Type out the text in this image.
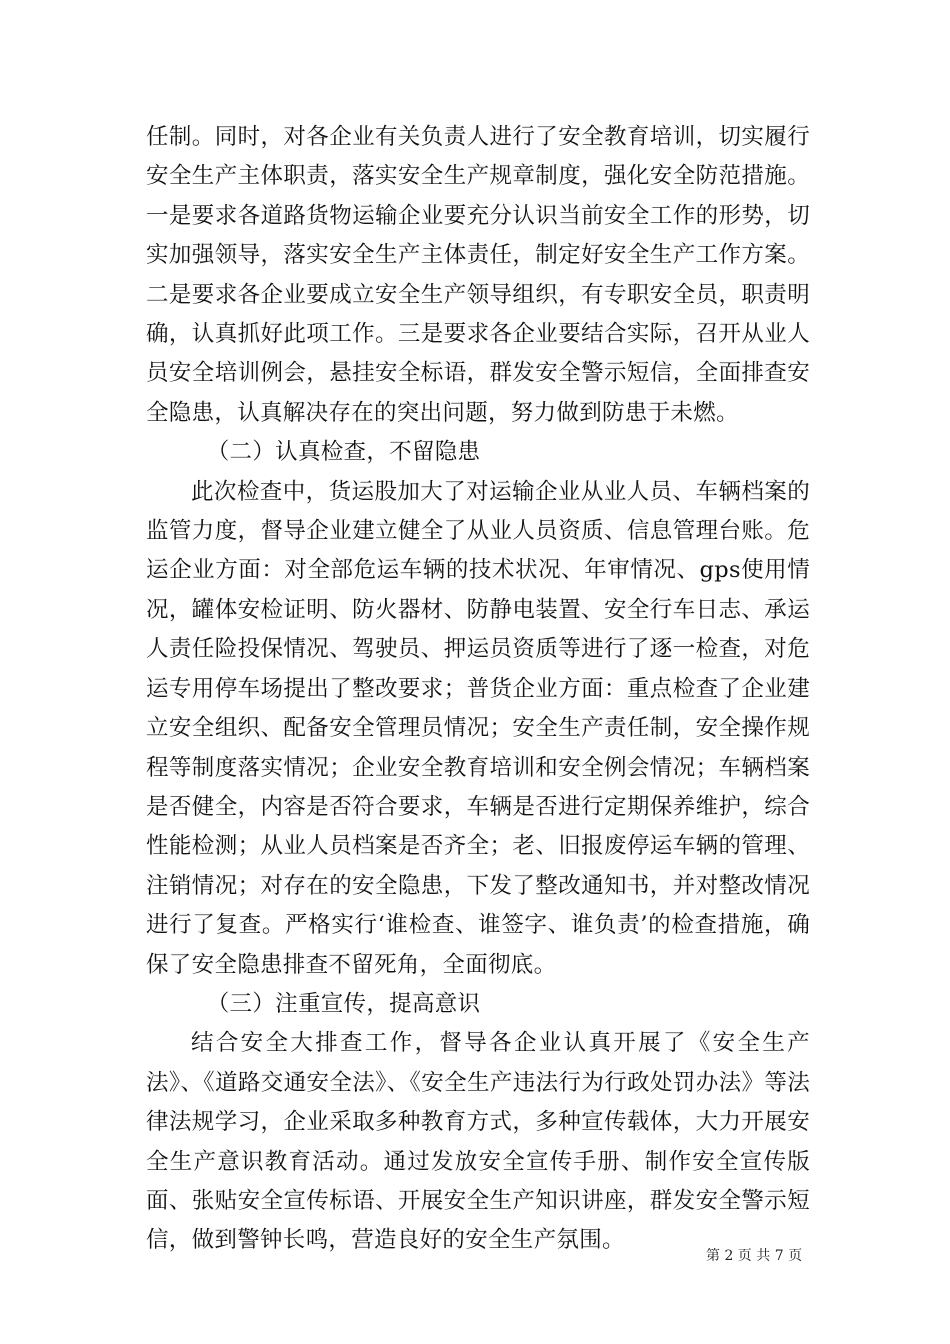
任制。同时，对各企业有关负责人进行了安全教育培训，切实履行安全生产主体职责，落实安全生产规章制度，强化安全防范措施。一是要求各道路货物运输企业要充分认识当前安全工作的形势，切实加强领导，落实安全生产主体责任，制定好安全生产工作方案。二是要求各企业要成立安全生产领导组织，有专职安全员，职责明确，认真抓好此项工作。三是要求各企业要结合实际，召开从业人员安全培训例会，悬挂安全标语，群发安全警示短信，全面排查安全隐患，认真解决存在的突出问题，努力做到防患于未燃。

（二）认真检查，不留隐患

此次检查中，货运股加大了对运输企业从业人员、车辆档案的监管力度，督导企业建立健全了从业人员资质、信息管理台账。危运企业方面：对全部危运车辆的技术状况、年审情况、gps使用情况，罐体安检证明、防火器材、防静电装置、安全行车日志、承运人责任险投保情况、驾驶员、押运员资质等进行了逐一检查，对危运专用停车场提出了整改要求；普货企业方面：重点检查了企业建立安全组织、配备安全管理员情况；安全生产责任制，安全操作规程等制度落实情况；企业安全教育培训和安全例会情况；车辆档案是否健全，内容是否符合要求，车辆是否进行定期保养维护，综合性能检测；从业人员档案是否齐全；老、旧报废停运车辆的管理、注销情况；对存在的安全隐患，下发了整改通知书，并对整改情况进行了复查。严格实行‘谁检查、谁签字、谁负责’的检查措施，确保了安全隐患排查不留死角，全面彻底。

（三）注重宣传，提高意识

结合安全大排查工作，督导各企业认真开展了《安全生产法》、《道路交通安全法》、《安全生产违法行为行政处罚办法》等法律法规学习，企业采取多种教育方式，多种宣传载体，大力开展安全生产意识教育活动。通过发放安全宣传手册、制作安全宣传版面、张贴安全宣传标语、开展安全生产知识讲座，群发安全警示短信，做到警钟长鸣，营造良好的安全生产氛围。

第 2 页 共 7 页
